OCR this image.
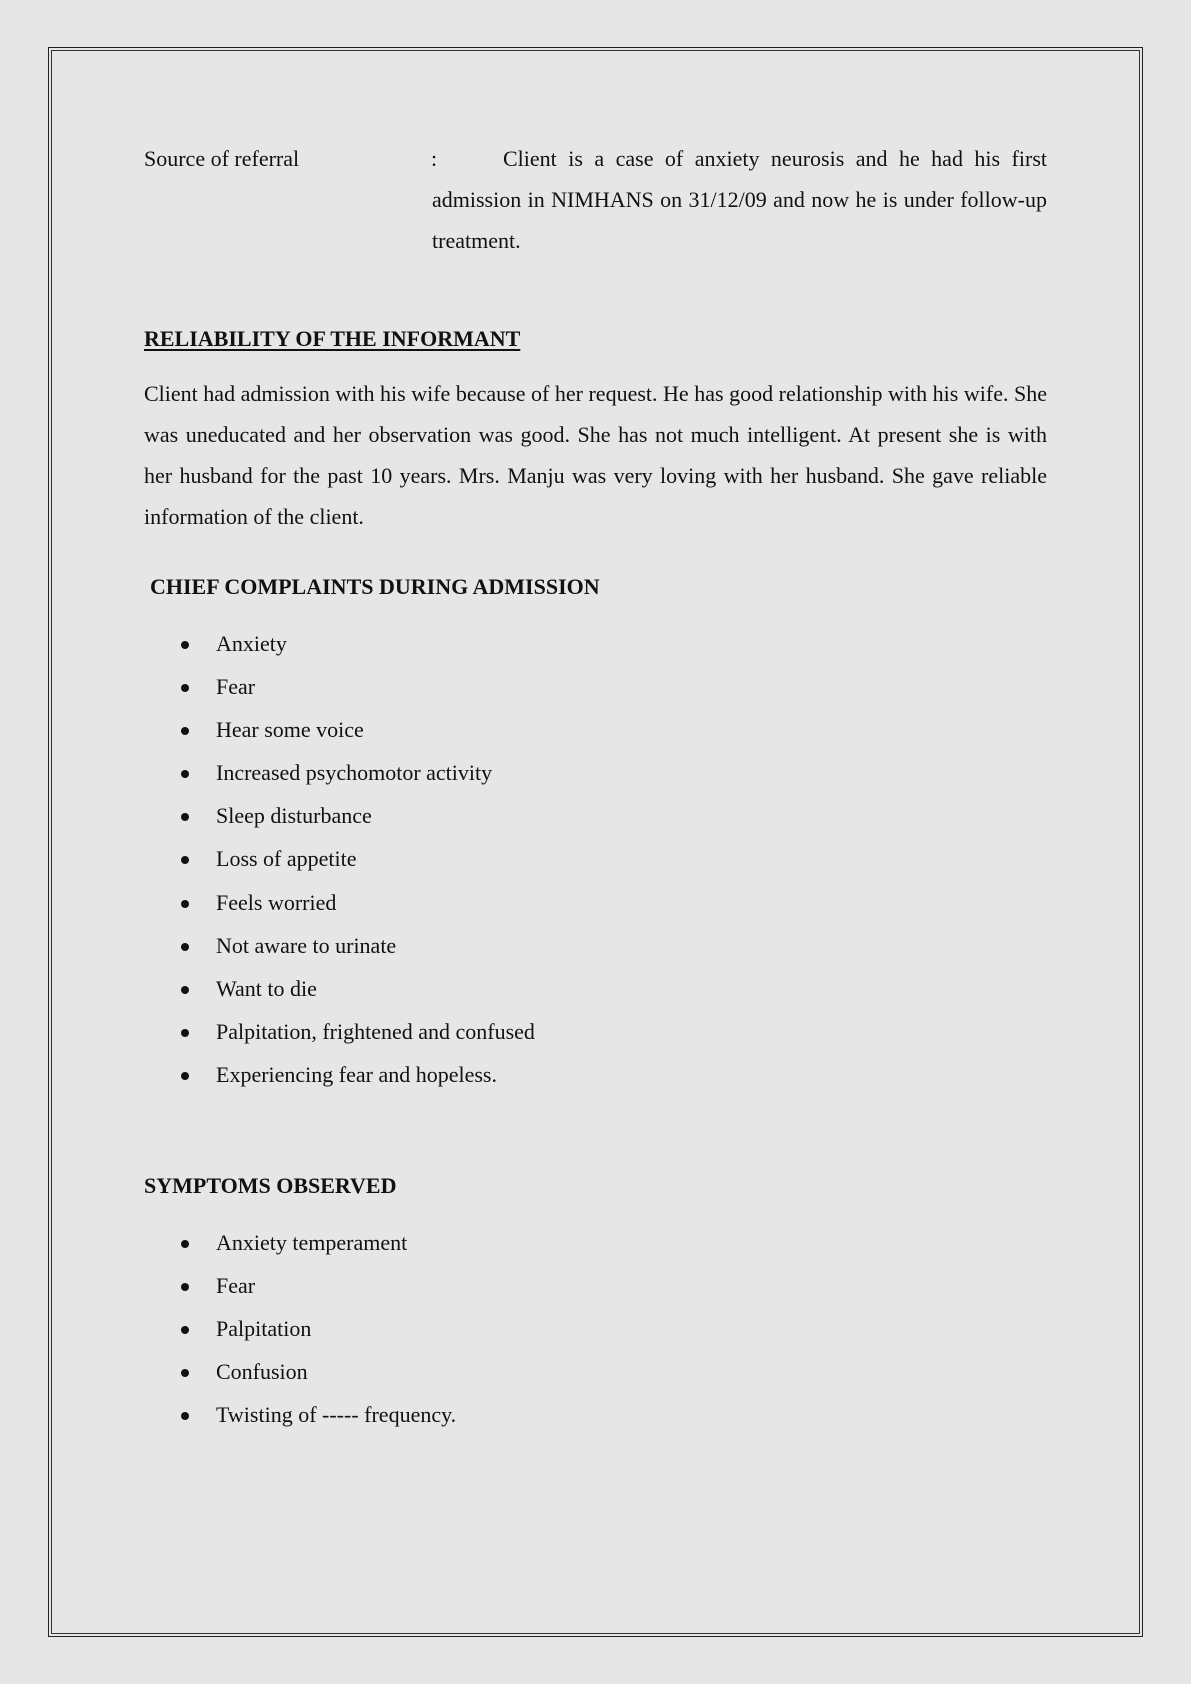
Source of referral	:	Client is a case of anxiety neurosis and he had his first admission in NIMHANS on 31/12/09 and now he is under follow-up treatment.
RELIABILITY OF THE INFORMANT
Client had admission with his wife because of her request. He has good relationship with his wife. She was uneducated and her observation was good. She has not much intelligent. At present she is with her husband for the past 10 years. Mrs. Manju was very loving with her husband. She gave reliable information of the client.
CHIEF COMPLAINTS DURING ADMISSION
Anxiety
Fear
Hear some voice
Increased psychomotor activity
Sleep disturbance
Loss of appetite
Feels worried
Not aware to urinate
Want to die
Palpitation, frightened and confused
Experiencing fear and hopeless.
SYMPTOMS OBSERVED
Anxiety temperament
Fear
Palpitation
Confusion
Twisting of ----- frequency.
